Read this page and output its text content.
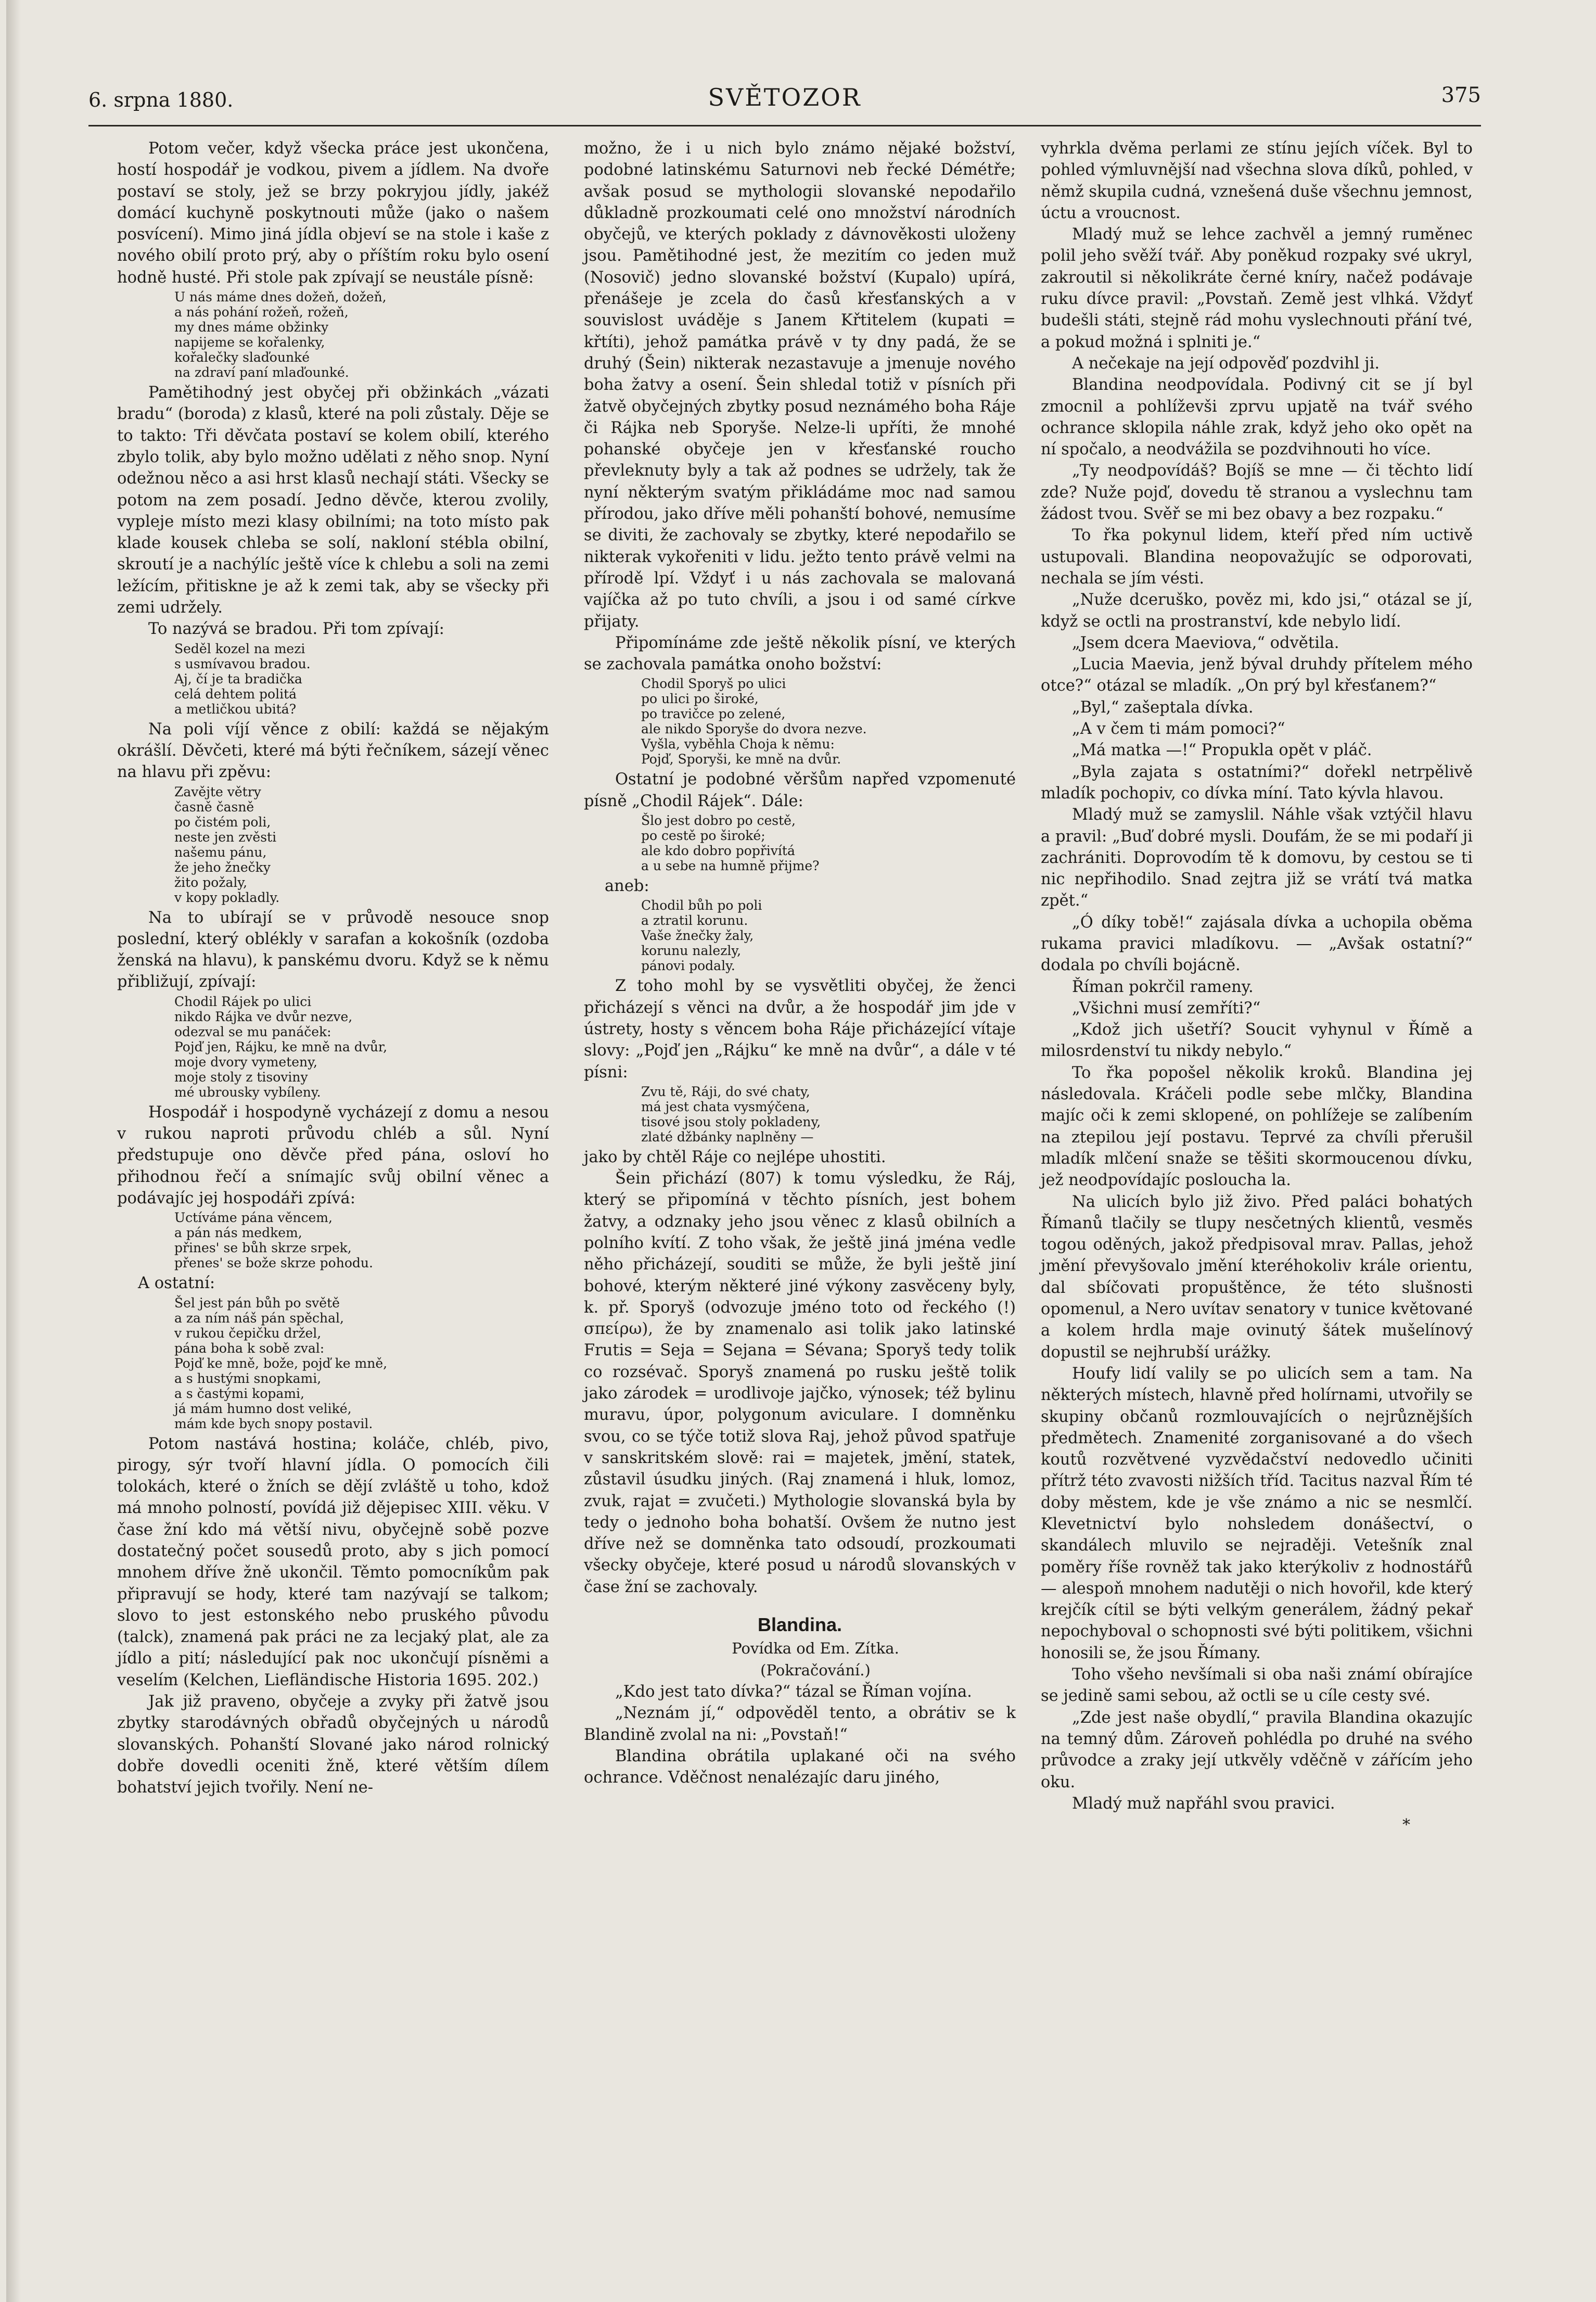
6. srpna 1880.	SVĚTOZOR	375

Potom večer, když všecka práce jest ukončena, hostí hospodář je vodkou, pivem a jídlem. Na dvoře postaví se stoly, jež se brzy pokryjou jídly, jakéž domácí kuchyně poskytnouti může (jako o našem posvícení). Mimo jiná jídla objeví se na stole i kaše z nového obilí proto prý, aby o příštím roku bylo osení hodně husté. Při stole pak zpívají se neustále písně:

U nás máme dnes dožeň, dožeň,
a nás pohání rožeň, rožeň,
my dnes máme obžinky
napijeme se kořalenky,
kořalečky slaďounké
na zdraví paní mlaďounké.

Pamětihodný jest obyčej při obžinkách „vázati bradu“ (boroda) z klasů, které na poli zůstaly. Děje se to takto: Tři děvčata postaví se kolem obilí, kterého zbylo tolik, aby bylo možno udělati z něho snop. Nyní odežnou něco a asi hrst klasů nechají státi. Všecky se potom na zem posadí. Jedno děvče, kterou zvolily, vypleje místo mezi klasy obilními; na toto místo pak klade kousek chleba se solí, nakloní stébla obilní, skroutí je a nachýlíc ještě více k chlebu a soli na zemi ležícím, přitiskne je až k zemi tak, aby se všecky při zemi udržely.

To nazývá se bradou. Při tom zpívají:

Seděl kozel na mezi
s usmívavou bradou.
Aj, čí je ta bradička
celá dehtem politá
a metličkou ubitá?

Na poli víjí věnce z obilí: každá se nějakým okrášlí. Děvčeti, které má býti řečníkem, sázejí věnec na hlavu při zpěvu:

Zavějte větry
časně časně
po čistém poli,
neste jen zvěsti
našemu pánu,
že jeho žnečky
žito požaly,
v kopy pokladly.

Na to ubírají se v průvodě nesouce snop poslední, který oblékly v sarafan a kokošník (ozdoba ženská na hlavu), k panskému dvoru. Když se k němu přibližují, zpívají:

Chodil Rájek po ulici
nikdo Rájka ve dvůr nezve,
odezval se mu panáček:
Pojď jen, Rájku, ke mně na dvůr,
moje dvory vymeteny,
moje stoly z tisoviny
mé ubrousky vybíleny.

Hospodář i hospodyně vycházejí z domu a nesou v rukou naproti průvodu chléb a sůl. Nyní předstupuje ono děvče před pána, osloví ho přihodnou řečí a snímajíc svůj obilní věnec a podávajíc jej hospodáři zpívá:

Uctíváme pána věncem,
a pán nás medkem,
přines' se bůh skrze srpek,
přenes' se bože skrze pohodu.

A ostatní:

Šel jest pán bůh po světě
a za ním náš pán spěchal,
v rukou čepičku držel,
pána boha k sobě zval:
Pojď ke mně, bože, pojď ke mně,
a s hustými snopkami,
a s častými kopami,
já mám humno dost veliké,
mám kde bych snopy postavil.

Potom nastává hostina; koláče, chléb, pivo, pirogy, sýr tvoří hlavní jídla. O pomocích čili tolokách, které o žních se dějí zvláště u toho, kdož má mnoho polností, povídá již dějepisec XIII. věku. V čase žní kdo má větší nivu, obyčejně sobě pozve dostatečný počet sousedů proto, aby s jich pomocí mnohem dříve žně ukončil. Těmto pomocníkům pak připravují se hody, které tam nazývají se talkom; slovo to jest estonského nebo pruského původu (talck), znamená pak práci ne za lecjaký plat, ale za jídlo a pití; následující pak noc ukončují písněmi a veselím (Kelchen, Liefländische Historia 1695. 202.)

Jak již praveno, obyčeje a zvyky při žatvě jsou zbytky starodávných obřadů obyčejných u národů slovanských. Pohanští Slované jako národ rolnický dobře dovedli oceniti žně, které větším dílem bohatství jejich tvořily. Není ne-

možno, že i u nich bylo známo nějaké božství, podobné latinskému Saturnovi neb řecké Démétře; avšak posud se mythologii slovanské nepodařilo důkladně prozkoumati celé ono množství národních obyčejů, ve kterých poklady z dávnověkosti uloženy jsou. Pamětihodné jest, že mezitím co jeden muž (Nosovič) jedno slovanské božství (Kupalo) upírá, přenášeje je zcela do časů křesťanských a v souvislost uváděje s Janem Křtitelem (kupati = křtíti), jehož památka právě v ty dny padá, že se druhý (Šein) nikterak nezastavuje a jmenuje nového boha žatvy a osení. Šein shledal totiž v písních při žatvě obyčejných zbytky posud neznámého boha Ráje či Rájka neb Sporyše. Nelze-li upříti, že mnohé pohanské obyčeje jen v křesťanské roucho převleknuty byly a tak až podnes se udržely, tak že nyní některým svatým přikládáme moc nad samou přírodou, jako dříve měli pohanští bohové, nemusíme se diviti, že zachovaly se zbytky, které nepodařilo se nikterak vykořeniti v lidu. ježto tento právě velmi na přírodě lpí. Vždyť i u nás zachovala se malovaná vajíčka až po tuto chvíli, a jsou i od samé církve přijaty.

Připomínáme zde ještě několik písní, ve kterých se zachovala památka onoho božství:

Chodil Sporyš po ulici
po ulici po široké,
po travičce po zelené,
ale nikdo Sporyše do dvora nezve.
Vyšla, vyběhla Choja k němu:
Pojď, Sporyši, ke mně na dvůr.

Ostatní je podobné věršům napřed vzpomenuté písně „Chodil Rájek“. Dále:

Šlo jest dobro po cestě,
po cestě po široké;
ale kdo dobro popřivítá
a u sebe na humně přijme?

aneb:

Chodil bůh po poli
a ztratil korunu.
Vaše žnečky žaly,
korunu nalezly,
pánovi podaly.

Z toho mohl by se vysvětliti obyčej, že ženci přicházejí s věnci na dvůr, a že hospodář jim jde v ústrety, hosty s věncem boha Ráje přicházející vítaje slovy: „Pojď jen „Rájku“ ke mně na dvůr“, a dále v té písni:

Zvu tě, Ráji, do své chaty,
má jest chata vysmýčena,
tisové jsou stoly pokladeny,
zlaté džbánky naplněny —

jako by chtěl Ráje co nejlépe uhostiti.

Šein přichází (807) k tomu výsledku, že Ráj, který se připomíná v těchto písních, jest bohem žatvy, a odznaky jeho jsou věnec z klasů obilních a polního kvítí. Z toho však, že ještě jiná jména vedle něho přicházejí, souditi se může, že byli ještě jiní bohové, kterým některé jiné výkony zasvěceny byly, k. př. Sporyš (odvozuje jméno toto od řeckého (!) σπείρω), že by znamenalo asi tolik jako latinské Frutis = Seja = Sejana = Sévana; Sporyš tedy tolik co rozsévač. Sporyš znamená po rusku ještě tolik jako zárodek = urodlivoje jajčko, výnosek; též bylinu muravu, úpor, polygonum aviculare. I domněnku svou, co se týče totiž slova Raj, jehož původ spatřuje v sanskritském slově: rai = majetek, jmění, statek, zůstavil úsudku jiných. (Raj znamená i hluk, lomoz, zvuk, rajat = zvučeti.) Mythologie slovanská byla by tedy o jednoho boha bohatší. Ovšem že nutno jest dříve než se domněnka tato odsoudí, prozkoumati všecky obyčeje, které posud u národů slovanských v čase žní se zachovaly.

Blandina.

Povídka od Em. Zítka.

(Pokračování.)

„Kdo jest tato dívka?“ tázal se Říman vojína.

„Neznám jí,“ odpověděl tento, a obrátiv se k Blandině zvolal na ni: „Povstaň!“

Blandina obrátila uplakané oči na svého ochrance. Vděčnost nenalézajíc daru jiného,

vyhrkla dvěma perlami ze stínu jejích víček. Byl to pohled výmluvnější nad všechna slova díků, pohled, v němž skupila cudná, vznešená duše všechnu jemnost, úctu a vroucnost.

Mladý muž se lehce zachvěl a jemný ruměnec polil jeho svěží tvář. Aby poněkud rozpaky své ukryl, zakroutil si několikráte černé kníry, načež podávaje ruku dívce pravil: „Povstaň. Země jest vlhká. Vždyť budešli státi, stejně rád mohu vyslechnouti přání tvé, a pokud možná i splniti je.“

A nečekaje na její odpověď pozdvihl ji.

Blandina neodpovídala. Podivný cit se jí byl zmocnil a pohlíževši zprvu upjatě na tvář svého ochrance sklopila náhle zrak, když jeho oko opět na ní spočalo, a neodvážila se pozdvihnouti ho více.

„Ty neodpovídáš? Bojíš se mne — či těchto lidí zde? Nuže pojď, dovedu tě stranou a vyslechnu tam žádost tvou. Svěř se mi bez obavy a bez rozpaku.“

To řka pokynul lidem, kteří před ním uctivě ustupovali. Blandina neopovažujíc se odporovati, nechala se jím vésti.

„Nuže dceruško, pověz mi, kdo jsi,“ otázal se jí, když se octli na prostranství, kde nebylo lidí.

„Jsem dcera Maeviova,“ odvětila.

„Lucia Maevia, jenž býval druhdy přítelem mého otce?“ otázal se mladík. „On prý byl křesťanem?“

„Byl,“ zašeptala dívka.

„A v čem ti mám pomoci?“

„Má matka —!“ Propukla opět v pláč.

„Byla zajata s ostatními?“ dořekl netrpělivě mladík pochopiv, co dívka míní. Tato kývla hlavou.

Mladý muž se zamyslil. Náhle však vztýčil hlavu a pravil: „Buď dobré mysli. Doufám, že se mi podaří ji zachrániti. Doprovodím tě k domovu, by cestou se ti nic nepřihodilo. Snad zejtra již se vrátí tvá matka zpět.“

„Ó díky tobě!“ zajásala dívka a uchopila oběma rukama pravici mladíkovu. — „Avšak ostatní?“ dodala po chvíli bojácně.

Říman pokrčil rameny.

„Všichni musí zemříti?“

„Kdož jich ušetří? Soucit vyhynul v Římě a milosrdenství tu nikdy nebylo.“

To řka popošel několik kroků. Blandina jej následovala. Kráčeli podle sebe mlčky, Blandina majíc oči k zemi sklopené, on pohlížeje se zalíbením na ztepilou její postavu. Teprvé za chvíli přerušil mladík mlčení snaže se těšiti skormoucenou dívku, jež neodpovídajíc posloucha la.

Na ulicích bylo již živo. Před paláci bohatých Římanů tlačily se tlupy nesčetných klientů, vesměs togou oděných, jakož předpisoval mrav. Pallas, jehož jmění převyšovalo jmění kteréhokoliv krále orientu, dal sbíčovati propuštěnce, že této slušnosti opomenul, a Nero uvítav senatory v tunice květované a kolem hrdla maje ovinutý šátek mušelínový dopustil se nejhrubší urážky.

Houfy lidí valily se po ulicích sem a tam. Na některých místech, hlavně před holírnami, utvořily se skupiny občanů rozmlouvajících o nejrůznějších předmětech. Znamenité zorganisované a do všech koutů rozvětvené vyzvědačství nedovedlo učiniti přítrž této zvavosti nižších tříd. Tacitus nazval Řím té doby městem, kde je vše známo a nic se nesmlčí. Klevetnictví bylo nohsledem donášectví, o skandálech mluvilo se nejraději. Vetešník znal poměry říše rovněž tak jako kterýkoliv z hodnostářů — alespoň mnohem nadutěji o nich hovořil, kde který krejčík cítil se býti velkým generálem, žádný pekař nepochyboval o schopnosti své býti politikem, všichni honosili se, že jsou Římany.

Toho všeho nevšímali si oba naši známí obírajíce se jedině sami sebou, až octli se u cíle cesty své.

„Zde jest naše obydlí,“ pravila Blandina okazujíc na temný dům. Zároveň pohlédla po druhé na svého průvodce a zraky její utkvěly vděčně v zářícím jeho oku.

Mladý muž napřáhl svou pravici.

*
